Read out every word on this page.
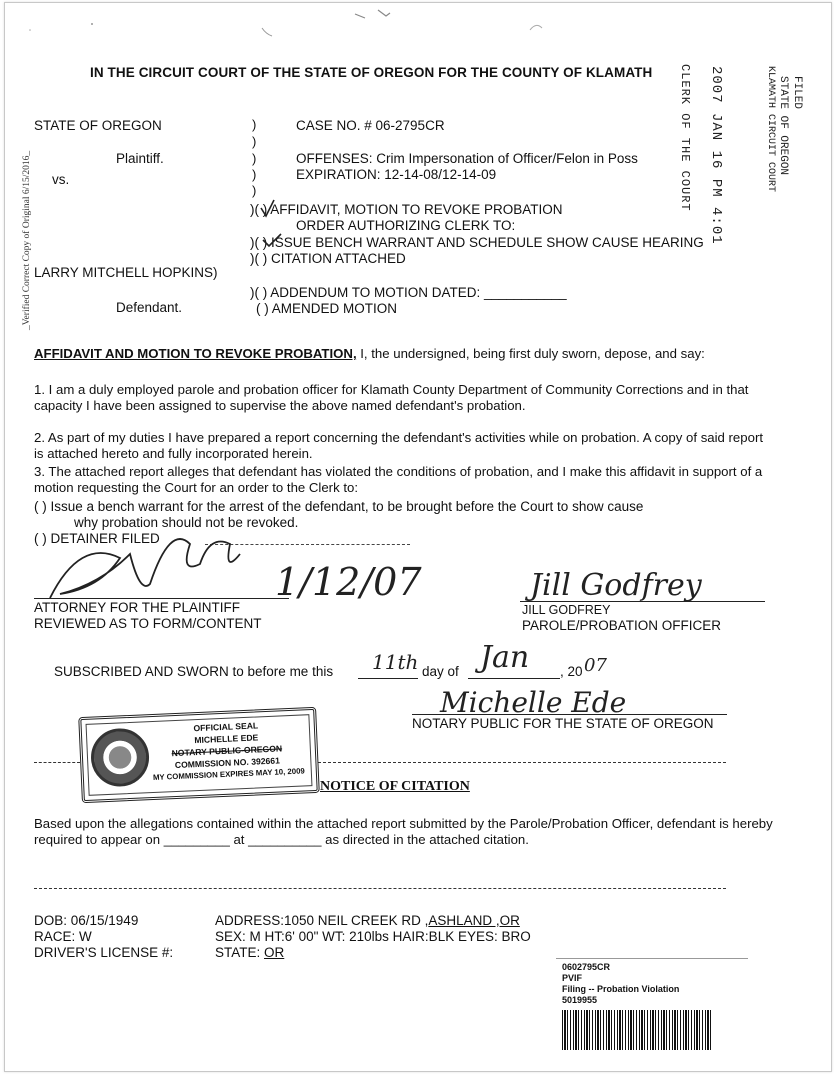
_Verified Correct Copy of Original 6/15/2016_
IN THE CIRCUIT COURT OF THE STATE OF OREGON FOR THE COUNTY OF KLAMATH CLERK OF THE COURT 2007 JAN 16 PM 4:01	FILED
STATE OF OREGON
KLAMATH CIRCUIT COURT
STATE OF OREGON
Plaintiff.
vs.
LARRY MITCHELL HOPKINS)
Defendant.
)
)
)
)
)
CASE NO. # 06-2795CR
OFFENSES: Crim Impersonation of Officer/Felon in Poss
EXPIRATION: 12-14-08/12-14-09
)( ) AFFIDAVIT, MOTION TO REVOKE PROBATION
ORDER AUTHORIZING CLERK TO:
)( ) ISSUE BENCH WARRANT AND SCHEDULE SHOW CAUSE HEARING
)( ) CITATION ATTACHED
)( ) ADDENDUM TO MOTION DATED: ___________
( ) AMENDED MOTION
AFFIDAVIT AND MOTION TO REVOKE PROBATION, I, the undersigned, being first duly sworn, depose, and say:
1. I am a duly employed parole and probation officer for Klamath County Department of Community Corrections and in that capacity I have been assigned to supervise the above named defendant's probation.
2. As part of my duties I have prepared a report concerning the defendant's activities while on probation. A copy of said report is attached hereto and fully incorporated herein.
3. The attached report alleges that defendant has violated the conditions of probation, and I make this affidavit in support of a motion requesting the Court for an order to the Clerk to:
( ) Issue a bench warrant for the arrest of the defendant, to be brought before the Court to show cause
why probation should not be revoked.
( ) DETAINER FILED
1/12/07
ATTORNEY FOR THE PLAINTIFF
REVIEWED AS TO FORM/CONTENT
Jill Godfrey
JILL GODFREY
PAROLE/PROBATION OFFICER
SUBSCRIBED AND SWORN to before me this 11th day of Jan , 20 07
Michelle Ede
NOTARY PUBLIC FOR THE STATE OF OREGON
OFFICIAL SEAL
MICHELLE EDE
NOTARY PUBLIC-OREGON
COMMISSION NO. 392661
MY COMMISSION EXPIRES MAY 10, 2009
NOTICE OF CITATION
Based upon the allegations contained within the attached report submitted by the Parole/Probation Officer, defendant is hereby required to appear on _________ at __________ as directed in the attached citation.
DOB: 06/15/1949
RACE: W
DRIVER'S LICENSE #:
ADDRESS:1050 NEIL CREEK RD ,ASHLAND ,OR
SEX: M HT:6' 00" WT: 210lbs HAIR:BLK EYES: BRO
STATE: OR
0602795CR
PVIF
Filing -- Probation Violation
5019955
